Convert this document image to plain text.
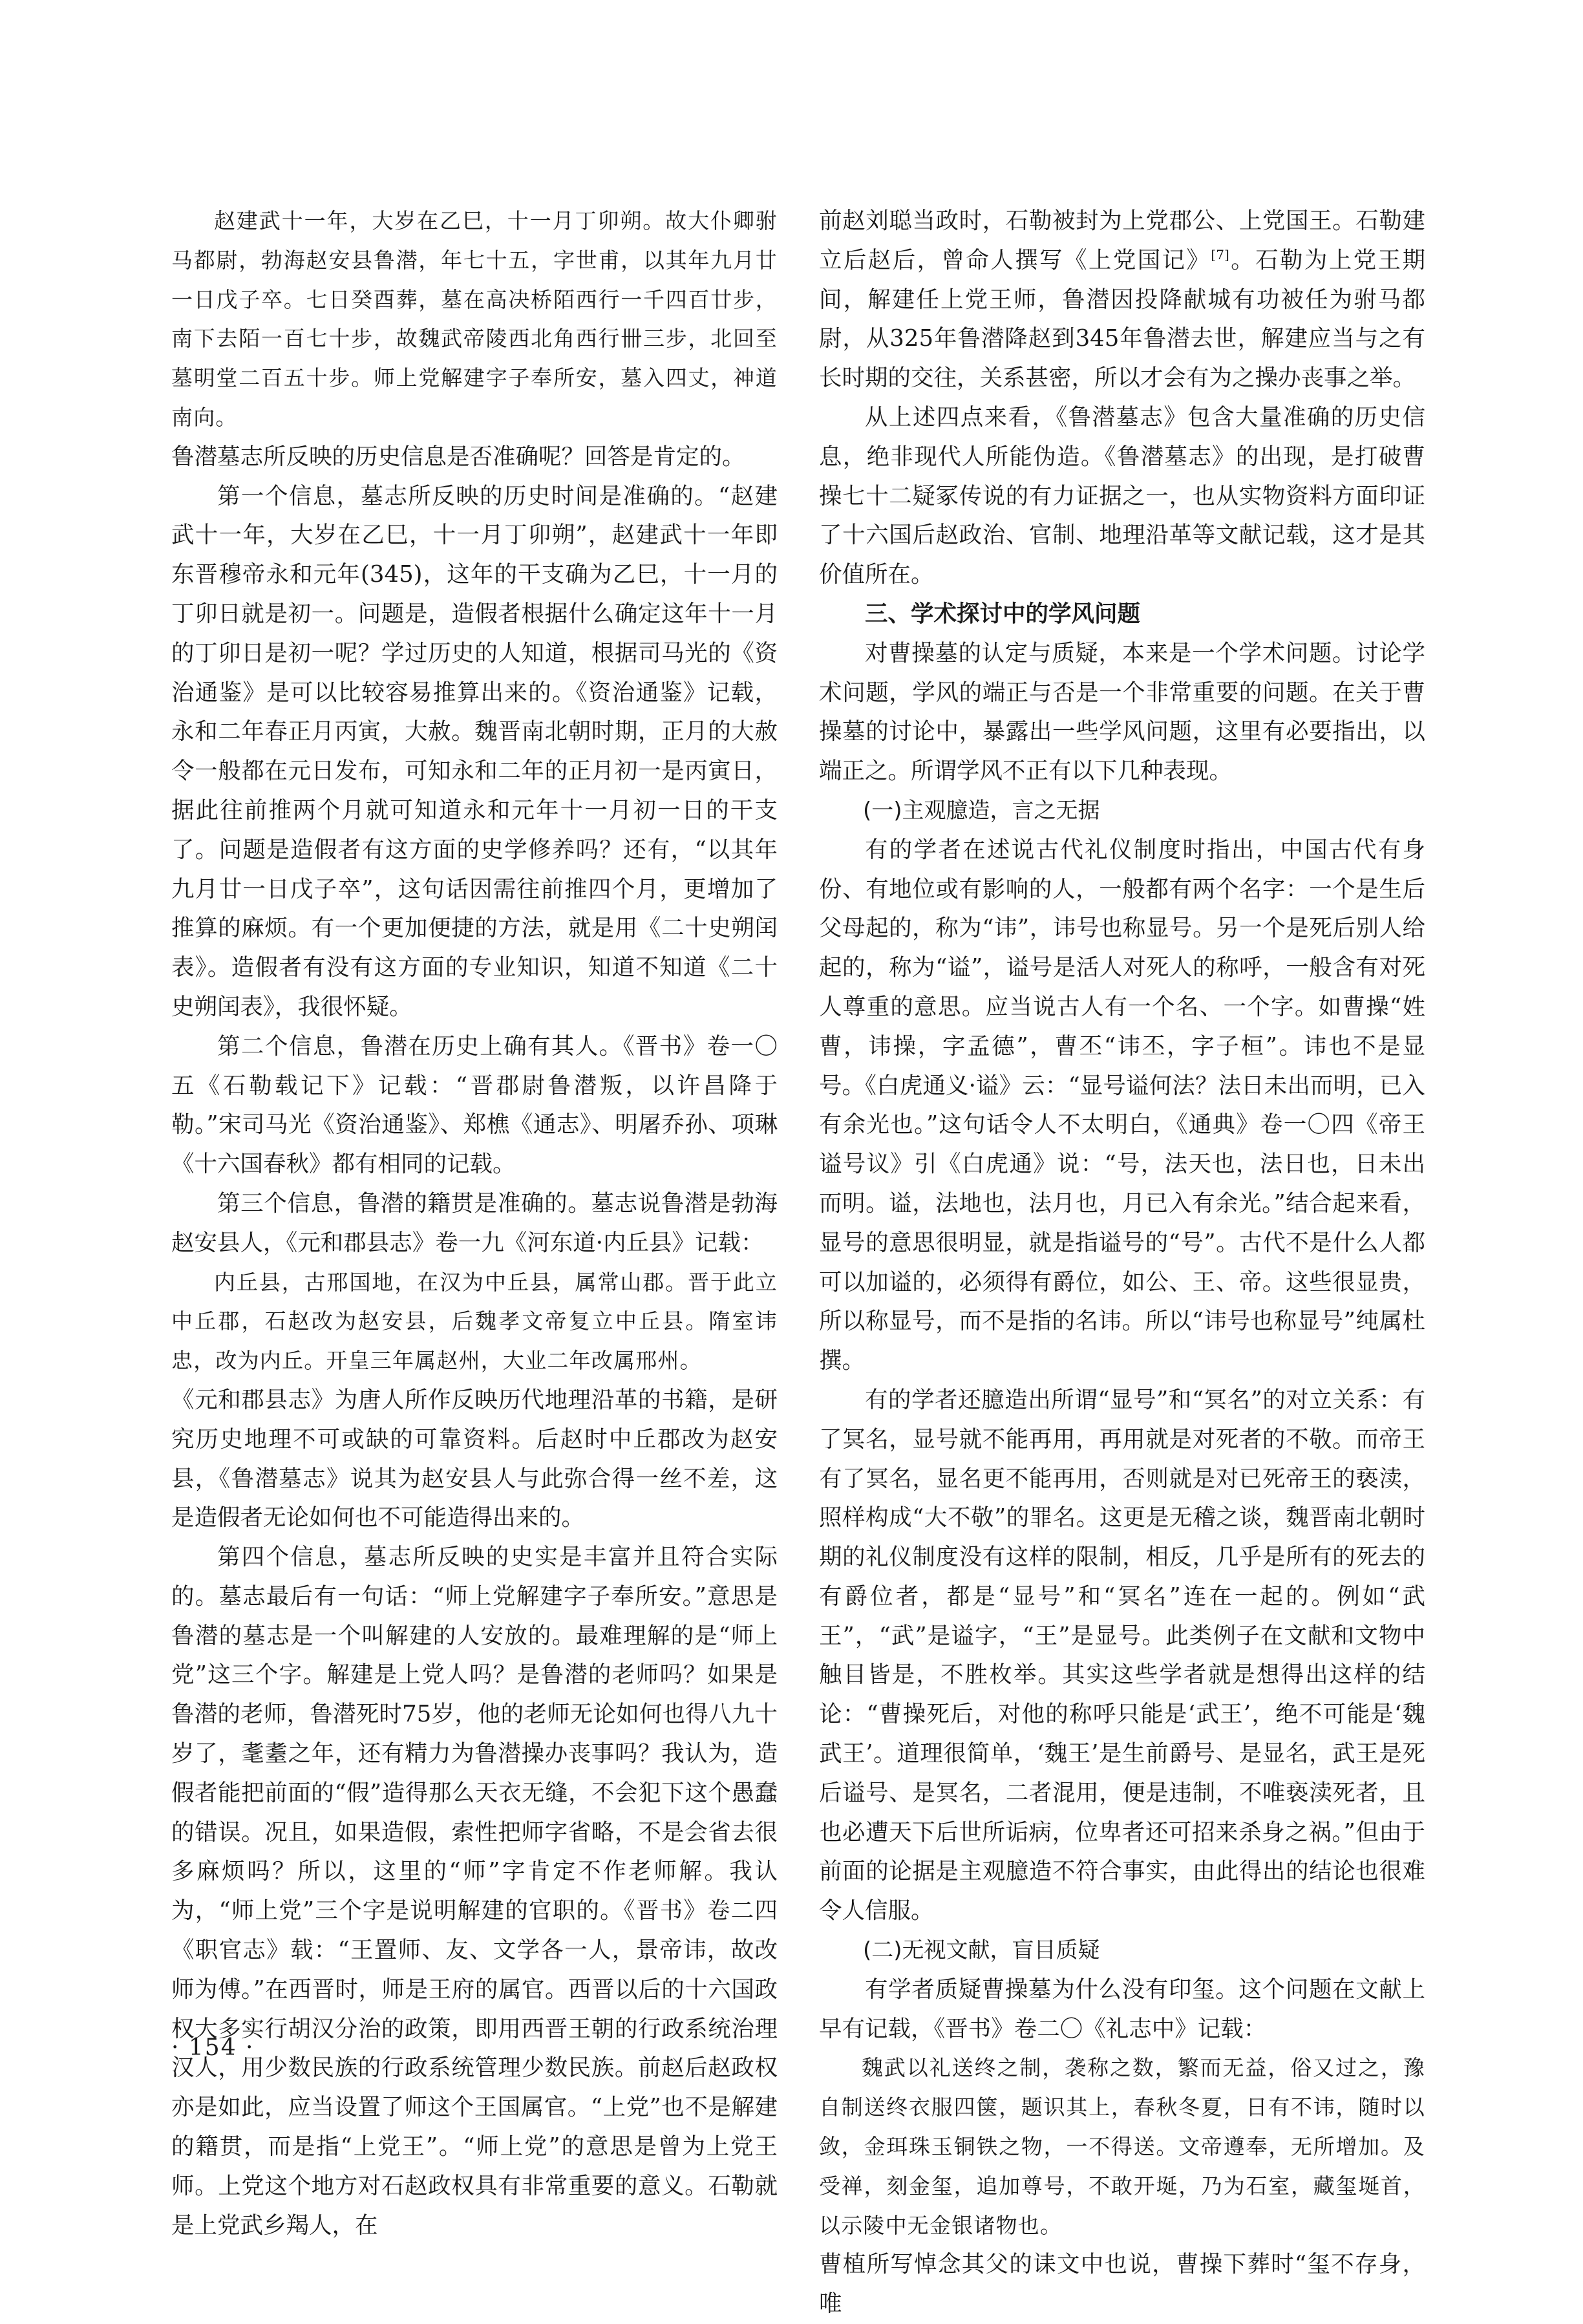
赵建武十一年，大岁在乙巳，十一月丁卯朔。故大仆卿驸马都尉，勃海赵安县鲁潜，年七十五，字世甫，以其年九月廿一日戊子卒。七日癸酉葬，墓在高决桥陌西行一千四百廿步，南下去陌一百七十步，故魏武帝陵西北角西行卌三步，北回至墓明堂二百五十步。师上党解建字子奉所安，墓入四丈，神道南向。

鲁潜墓志所反映的历史信息是否准确呢？回答是肯定的。

第一个信息，墓志所反映的历史时间是准确的。“赵建武十一年，大岁在乙巳，十一月丁卯朔”，赵建武十一年即东晋穆帝永和元年(345)，这年的干支确为乙巳，十一月的丁卯日就是初一。问题是，造假者根据什么确定这年十一月的丁卯日是初一呢？学过历史的人知道，根据司马光的《资治通鉴》是可以比较容易推算出来的。《资治通鉴》记载，永和二年春正月丙寅，大赦。魏晋南北朝时期，正月的大赦令一般都在元日发布，可知永和二年的正月初一是丙寅日，据此往前推两个月就可知道永和元年十一月初一日的干支了。问题是造假者有这方面的史学修养吗？还有，“以其年九月廿一日戊子卒”，这句话因需往前推四个月，更增加了推算的麻烦。有一个更加便捷的方法，就是用《二十史朔闰表》。造假者有没有这方面的专业知识，知道不知道《二十史朔闰表》，我很怀疑。

第二个信息，鲁潜在历史上确有其人。《晋书》卷一〇五《石勒载记下》记载：“晋郡尉鲁潜叛，以许昌降于勒。”宋司马光《资治通鉴》、郑樵《通志》、明屠乔孙、项琳《十六国春秋》都有相同的记载。

第三个信息，鲁潜的籍贯是准确的。墓志说鲁潜是勃海赵安县人，《元和郡县志》卷一九《河东道·内丘县》记载：

内丘县，古邢国地，在汉为中丘县，属常山郡。晋于此立中丘郡，石赵改为赵安县，后魏孝文帝复立中丘县。隋室讳忠，改为内丘。开皇三年属赵州，大业二年改属邢州。

《元和郡县志》为唐人所作反映历代地理沿革的书籍，是研究历史地理不可或缺的可靠资料。后赵时中丘郡改为赵安县，《鲁潜墓志》说其为赵安县人与此弥合得一丝不差，这是造假者无论如何也不可能造得出来的。

第四个信息，墓志所反映的史实是丰富并且符合实际的。墓志最后有一句话：“师上党解建字子奉所安。”意思是鲁潜的墓志是一个叫解建的人安放的。最难理解的是“师上党”这三个字。解建是上党人吗？是鲁潜的老师吗？如果是鲁潜的老师，鲁潜死时75岁，他的老师无论如何也得八九十岁了，耄耋之年，还有精力为鲁潜操办丧事吗？我认为，造假者能把前面的“假”造得那么天衣无缝，不会犯下这个愚蠢的错误。况且，如果造假，索性把师字省略，不是会省去很多麻烦吗？所以，这里的“师”字肯定不作老师解。我认为，“师上党”三个字是说明解建的官职的。《晋书》卷二四《职官志》载：“王置师、友、文学各一人，景帝讳，故改师为傅。”在西晋时，师是王府的属官。西晋以后的十六国政权大多实行胡汉分治的政策，即用西晋王朝的行政系统治理汉人，用少数民族的行政系统管理少数民族。前赵后赵政权亦是如此，应当设置了师这个王国属官。“上党”也不是解建的籍贯，而是指“上党王”。“师上党”的意思是曾为上党王师。上党这个地方对石赵政权具有非常重要的意义。石勒就是上党武乡羯人，在

前赵刘聪当政时，石勒被封为上党郡公、上党国王。石勒建立后赵后，曾命人撰写《上党国记》[7]。石勒为上党王期间，解建任上党王师，鲁潜因投降献城有功被任为驸马都尉，从325年鲁潜降赵到345年鲁潜去世，解建应当与之有长时期的交往，关系甚密，所以才会有为之操办丧事之举。

从上述四点来看，《鲁潜墓志》包含大量准确的历史信息，绝非现代人所能伪造。《鲁潜墓志》的出现，是打破曹操七十二疑冢传说的有力证据之一，也从实物资料方面印证了十六国后赵政治、官制、地理沿革等文献记载，这才是其价值所在。

三、学术探讨中的学风问题

对曹操墓的认定与质疑，本来是一个学术问题。讨论学术问题，学风的端正与否是一个非常重要的问题。在关于曹操墓的讨论中，暴露出一些学风问题，这里有必要指出，以端正之。所谓学风不正有以下几种表现。

(一)主观臆造，言之无据

有的学者在述说古代礼仪制度时指出，中国古代有身份、有地位或有影响的人，一般都有两个名字：一个是生后父母起的，称为“讳”，讳号也称显号。另一个是死后别人给起的，称为“谥”，谥号是活人对死人的称呼，一般含有对死人尊重的意思。应当说古人有一个名、一个字。如曹操“姓曹，讳操，字孟德”，曹丕“讳丕，字子桓”。讳也不是显号。《白虎通义·谥》云：“显号谥何法？法日未出而明，已入有余光也。”这句话令人不太明白，《通典》卷一〇四《帝王谥号议》引《白虎通》说：“号，法天也，法日也，日未出而明。谥，法地也，法月也，月已入有余光。”结合起来看，显号的意思很明显，就是指谥号的“号”。古代不是什么人都可以加谥的，必须得有爵位，如公、王、帝。这些很显贵，所以称显号，而不是指的名讳。所以“讳号也称显号”纯属杜撰。

有的学者还臆造出所谓“显号”和“冥名”的对立关系：有了冥名，显号就不能再用，再用就是对死者的不敬。而帝王有了冥名，显名更不能再用，否则就是对已死帝王的亵渎，照样构成“大不敬”的罪名。这更是无稽之谈，魏晋南北朝时期的礼仪制度没有这样的限制，相反，几乎是所有的死去的有爵位者，都是“显号”和“冥名”连在一起的。例如“武王”，“武”是谥字，“王”是显号。此类例子在文献和文物中触目皆是，不胜枚举。其实这些学者就是想得出这样的结论：“曹操死后，对他的称呼只能是‘武王’，绝不可能是‘魏武王’。道理很简单，‘魏王’是生前爵号、是显名，武王是死后谥号、是冥名，二者混用，便是违制，不唯亵渎死者，且也必遭天下后世所诟病，位卑者还可招来杀身之祸。”但由于前面的论据是主观臆造不符合事实，由此得出的结论也很难令人信服。

(二)无视文献，盲目质疑

有学者质疑曹操墓为什么没有印玺。这个问题在文献上早有记载，《晋书》卷二〇《礼志中》记载：

魏武以礼送终之制，袭称之数，繁而无益，俗又过之，豫自制送终衣服四箧，题识其上，春秋冬夏，日有不讳，随时以敛，金珥珠玉铜铁之物，一不得送。文帝遵奉，无所增加。及受禅，刻金玺，追加尊号，不敢开埏，乃为石室，藏玺埏首，以示陵中无金银诸物也。

曹植所写悼念其父的诔文中也说，曹操下葬时“玺不存身，唯

· 154 ·
